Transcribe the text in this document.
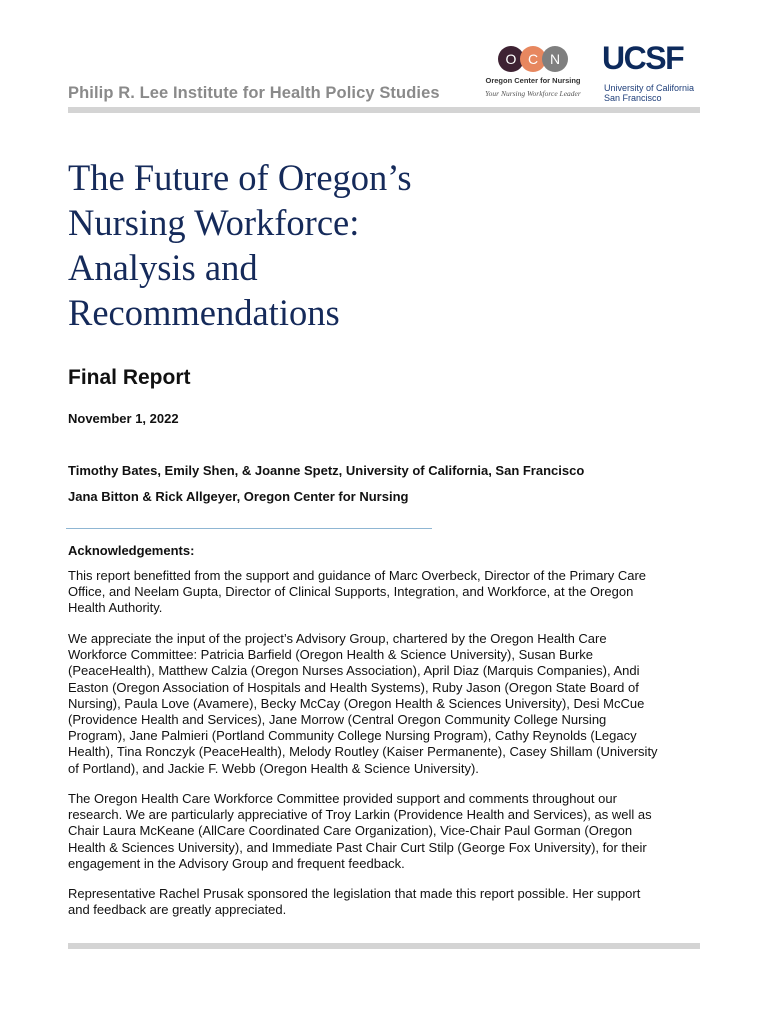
Philip R. Lee Institute for Health Policy Studies
O C N
Oregon Center for Nursing
Your Nursing Workforce Leader
UCSF
University of California
San Francisco
The Future of Oregon’s
Nursing Workforce:
Analysis and
Recommendations
Final Report
November 1, 2022
Timothy Bates, Emily Shen, & Joanne Spetz, University of California, San Francisco
Jana Bitton & Rick Allgeyer, Oregon Center for Nursing
Acknowledgements:

This report benefitted from the support and guidance of Marc Overbeck, Director of the Primary Care
Office, and Neelam Gupta, Director of Clinical Supports, Integration, and Workforce, at the Oregon
Health Authority.

We appreciate the input of the project’s Advisory Group, chartered by the Oregon Health Care
Workforce Committee: Patricia Barfield (Oregon Health & Science University), Susan Burke
(PeaceHealth), Matthew Calzia (Oregon Nurses Association), April Diaz (Marquis Companies), Andi
Easton (Oregon Association of Hospitals and Health Systems), Ruby Jason (Oregon State Board of
Nursing), Paula Love (Avamere), Becky McCay (Oregon Health & Sciences University), Desi McCue
(Providence Health and Services), Jane Morrow (Central Oregon Community College Nursing
Program), Jane Palmieri (Portland Community College Nursing Program), Cathy Reynolds (Legacy
Health), Tina Ronczyk (PeaceHealth), Melody Routley (Kaiser Permanente), Casey Shillam (University
of Portland), and Jackie F. Webb (Oregon Health & Science University).

The Oregon Health Care Workforce Committee provided support and comments throughout our
research. We are particularly appreciative of Troy Larkin (Providence Health and Services), as well as
Chair Laura McKeane (AllCare Coordinated Care Organization), Vice-Chair Paul Gorman (Oregon
Health & Sciences University), and Immediate Past Chair Curt Stilp (George Fox University), for their
engagement in the Advisory Group and frequent feedback.

Representative Rachel Prusak sponsored the legislation that made this report possible. Her support
and feedback are greatly appreciated.
